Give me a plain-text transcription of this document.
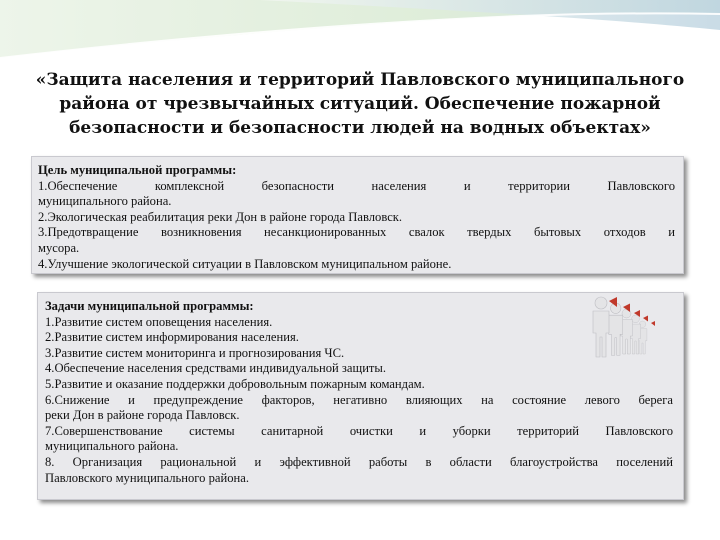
«Защита населения и территорий Павловского муниципального района от чрезвычайных ситуаций. Обеспечение пожарной безопасности и безопасности людей на водных объектах»
Цель муниципальной программы:
1.Обеспечение комплексной безопасности населения и территории Павловского
муниципального района.
2.Экологическая реабилитация реки Дон в районе города Павловск.
3.Предотвращение возникновения несанкционированных свалок твердых бытовых отходов и
мусора.
4.Улучшение экологической ситуации в Павловском муниципальном районе.
Задачи муниципальной программы:
1.Развитие систем оповещения населения.
2.Развитие систем информирования населения.
3.Развитие систем мониторинга и прогнозирования ЧС.
4.Обеспечение населения средствами индивидуальной защиты.
5.Развитие и оказание поддержки добровольным пожарным командам.
6.Снижение и предупреждение факторов, негативно влияющих на состояние левого берега
реки Дон в районе города Павловск.
7.Совершенствование системы санитарной очистки и уборки территорий Павловского
муниципального района.
8. Организация рациональной и эффективной работы в области благоустройства поселений
Павловского муниципального района.
